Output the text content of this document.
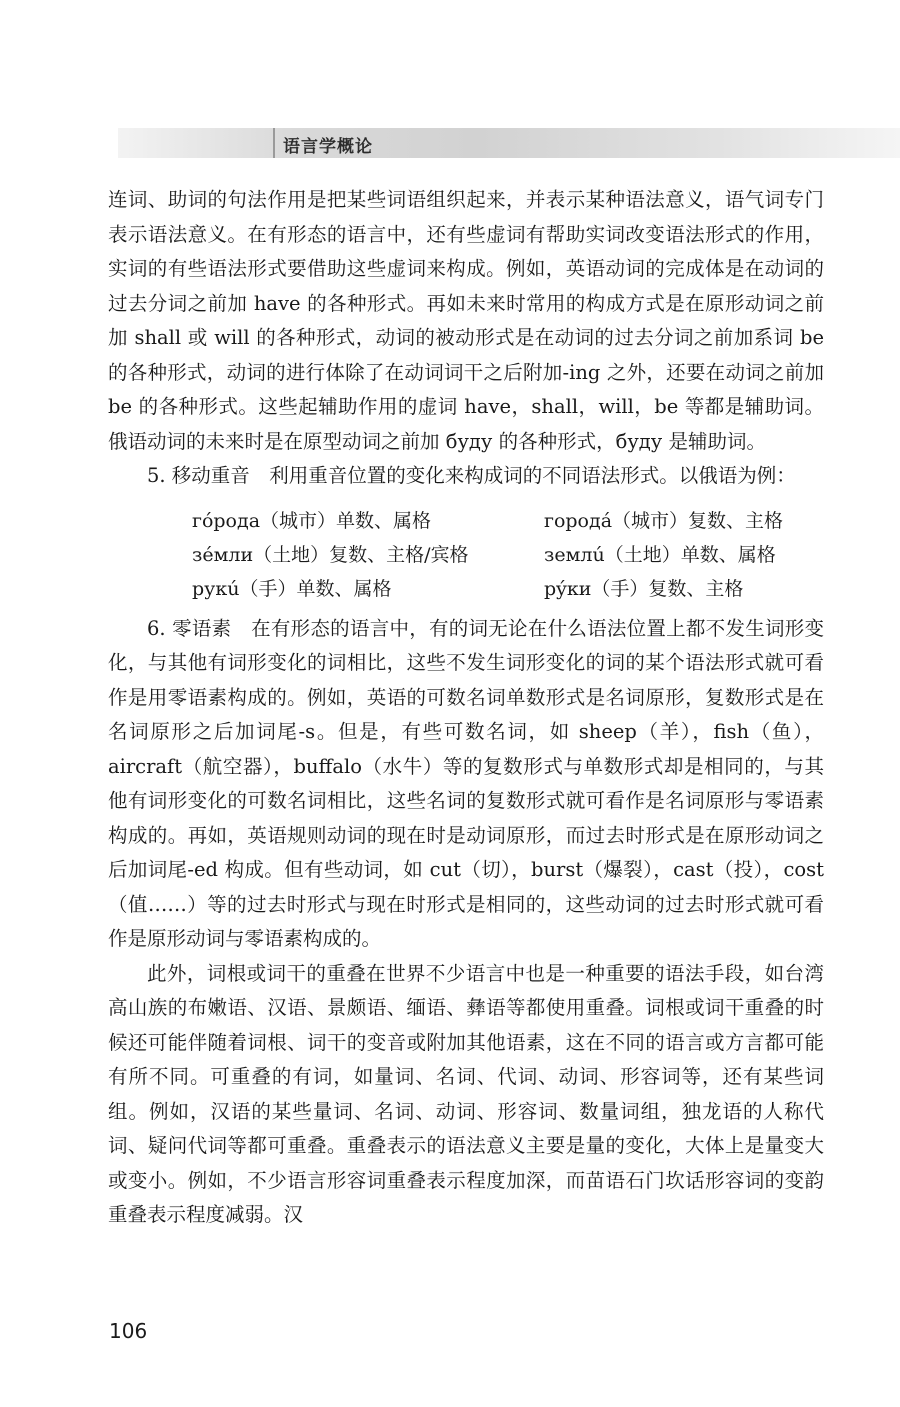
语言学概论

连词、助词的句法作用是把某些词语组织起来，并表示某种语法意义，语气词专门表示语法意义。在有形态的语言中，还有些虚词有帮助实词改变语法形式的作用，实词的有些语法形式要借助这些虚词来构成。例如，英语动词的完成体是在动词的过去分词之前加 have 的各种形式。再如未来时常用的构成方式是在原形动词之前加 shall 或 will 的各种形式，动词的被动形式是在动词的过去分词之前加系词 be 的各种形式，动词的进行体除了在动词词干之后附加-ing 之外，还要在动词之前加 be 的各种形式。这些起辅助作用的虚词 have，shall，will，be 等都是辅助词。俄语动词的未来时是在原型动词之前加 буду 的各种形式，буду 是辅助词。

5. 移动重音　利用重音位置的变化来构成词的不同语法形式。以俄语为例：

гóрода（城市）单数、属格	городá（城市）复数、主格
зéмли（土地）复数、主格/宾格	землú（土地）单数、属格
рукú（手）单数、属格	рýки（手）复数、主格

6. 零语素　在有形态的语言中，有的词无论在什么语法位置上都不发生词形变化，与其他有词形变化的词相比，这些不发生词形变化的词的某个语法形式就可看作是用零语素构成的。例如，英语的可数名词单数形式是名词原形，复数形式是在名词原形之后加词尾-s。但是，有些可数名词，如 sheep（羊），fish（鱼），aircraft（航空器），buffalo（水牛）等的复数形式与单数形式却是相同的，与其他有词形变化的可数名词相比，这些名词的复数形式就可看作是名词原形与零语素构成的。再如，英语规则动词的现在时是动词原形，而过去时形式是在原形动词之后加词尾-ed 构成。但有些动词，如 cut（切），burst（爆裂），cast（投），cost（值……）等的过去时形式与现在时形式是相同的，这些动词的过去时形式就可看作是原形动词与零语素构成的。

此外，词根或词干的重叠在世界不少语言中也是一种重要的语法手段，如台湾高山族的布嫩语、汉语、景颇语、缅语、彝语等都使用重叠。词根或词干重叠的时候还可能伴随着词根、词干的变音或附加其他语素，这在不同的语言或方言都可能有所不同。可重叠的有词，如量词、名词、代词、动词、形容词等，还有某些词组。例如，汉语的某些量词、名词、动词、形容词、数量词组，独龙语的人称代词、疑问代词等都可重叠。重叠表示的语法意义主要是量的变化，大体上是量变大或变小。例如，不少语言形容词重叠表示程度加深，而苗语石门坎话形容词的变韵重叠表示程度减弱。汉

106
